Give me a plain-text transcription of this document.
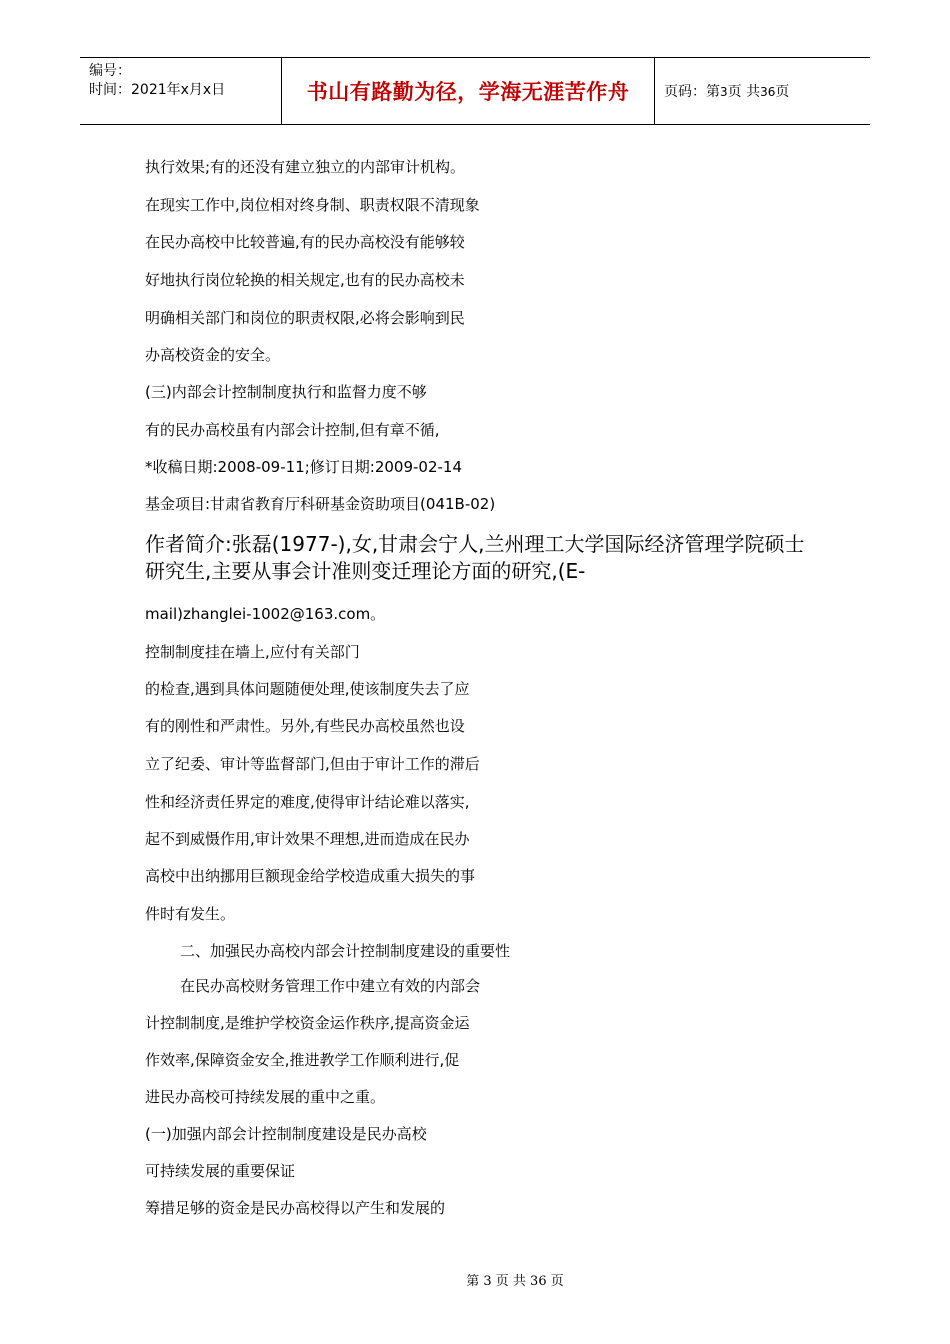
编号：
时间：2021年x月x日	书山有路勤为径，学海无涯苦作舟 页码：第3页 共36页
执行效果;有的还没有建立独立的内部审计机构。
在现实工作中,岗位相对终身制、职责权限不清现象
在民办高校中比较普遍,有的民办高校没有能够较
好地执行岗位轮换的相关规定,也有的民办高校未
明确相关部门和岗位的职责权限,必将会影响到民
办高校资金的安全。
(三)内部会计控制制度执行和监督力度不够
有的民办高校虽有内部会计控制,但有章不循,
*收稿日期:2008-09-11;修订日期:2009-02-14
基金项目:甘肃省教育厅科研基金资助项目(041B-02)
作者简介:张磊(1977-),女,甘肃会宁人,兰州理工大学国际经济管理学院硕士研究生,主要从事会计准则变迁理论方面的研究,(E-
mail)zhanglei-1002@163.com。
控制制度挂在墙上,应付有关部门
的检查,遇到具体问题随便处理,使该制度失去了应
有的刚性和严肃性。另外,有些民办高校虽然也设
立了纪委、审计等监督部门,但由于审计工作的滞后
性和经济责任界定的难度,使得审计结论难以落实,
起不到威慑作用,审计效果不理想,进而造成在民办
高校中出纳挪用巨额现金给学校造成重大损失的事
件时有发生。
二、加强民办高校内部会计控制制度建设的重要性
在民办高校财务管理工作中建立有效的内部会
计控制制度,是维护学校资金运作秩序,提高资金运
作效率,保障资金安全,推进教学工作顺利进行,促
进民办高校可持续发展的重中之重。
(一)加强内部会计控制制度建设是民办高校
可持续发展的重要保证
筹措足够的资金是民办高校得以产生和发展的
第 3 页 共 36 页
